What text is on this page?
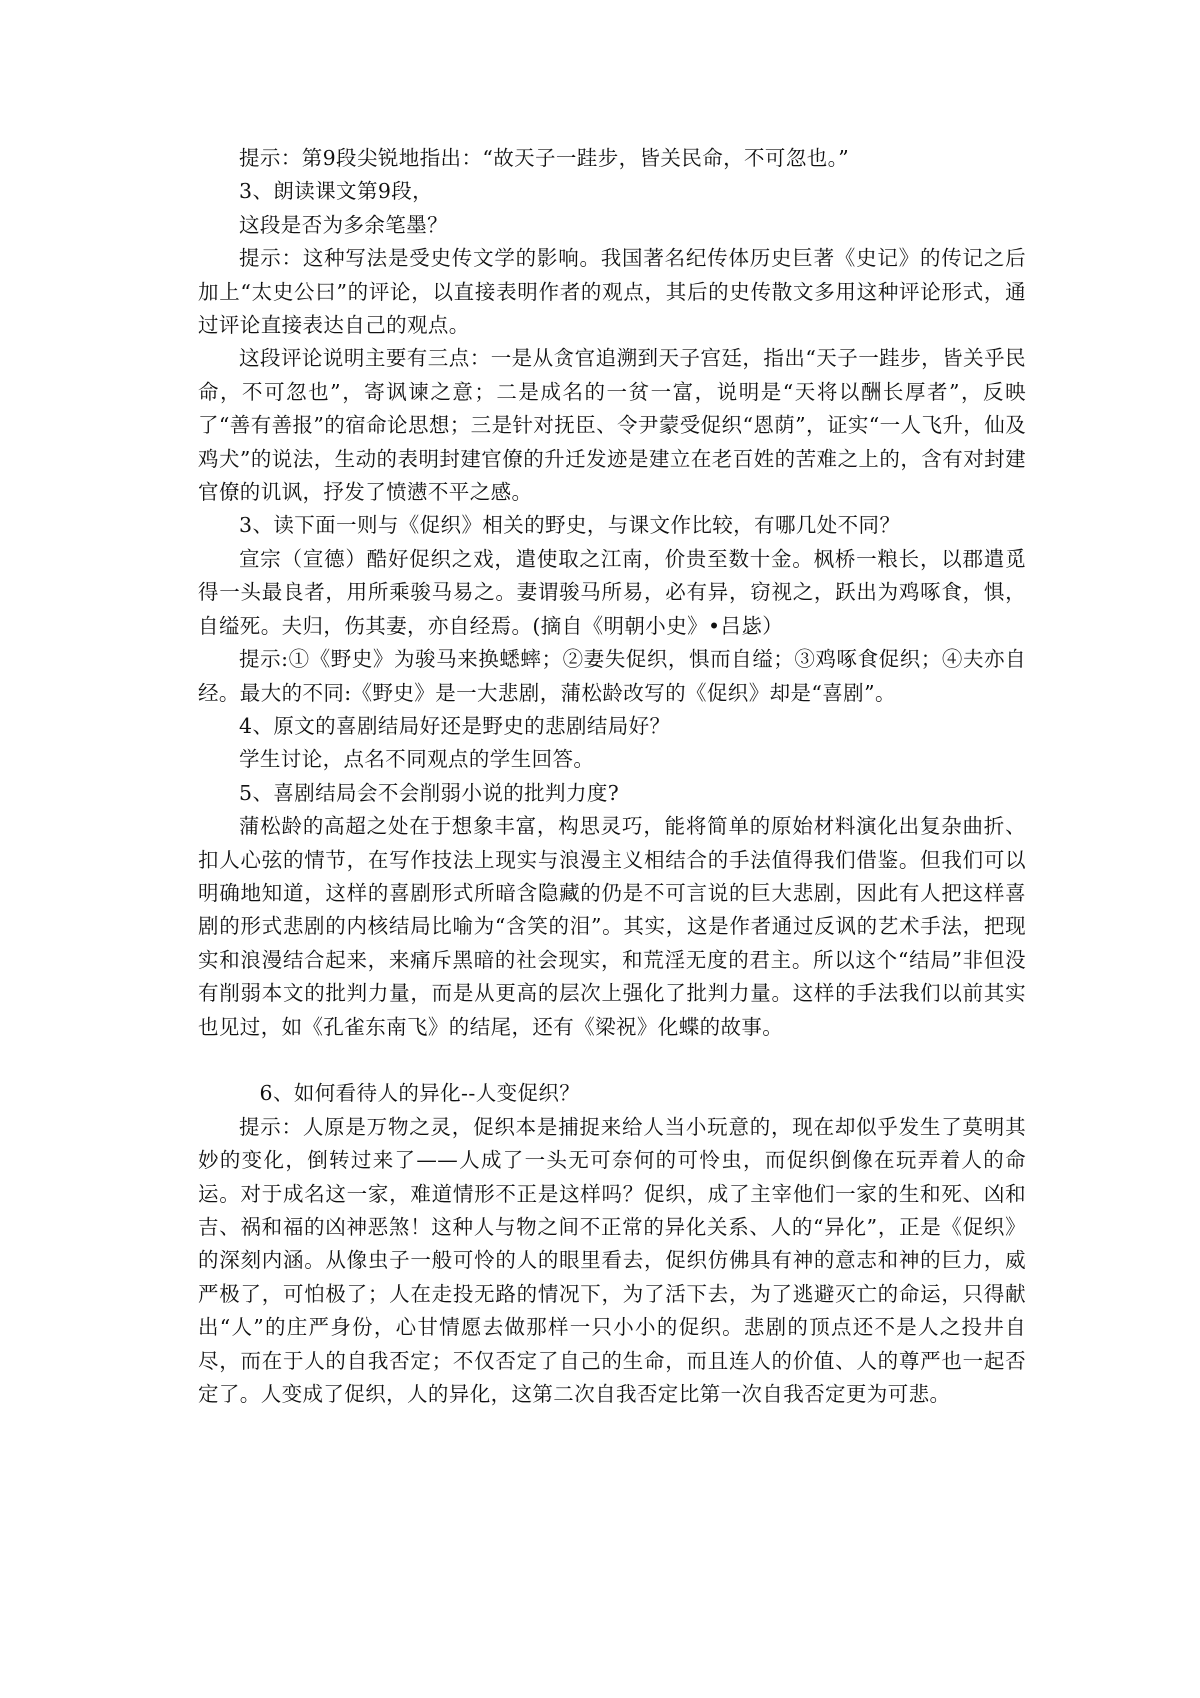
提示：第9段尖锐地指出：“故天子一跬步，皆关民命，不可忽也。”

3、朗读课文第9段，

这段是否为多余笔墨？

提示：这种写法是受史传文学的影响。我国著名纪传体历史巨著《史记》的传记之后加上“太史公曰”的评论，以直接表明作者的观点，其后的史传散文多用这种评论形式，通过评论直接表达自己的观点。

这段评论说明主要有三点：一是从贪官追溯到天子宫廷，指出“天子一跬步，皆关乎民命，不可忽也”，寄讽谏之意；二是成名的一贫一富，说明是“天将以酬长厚者”，反映了“善有善报”的宿命论思想；三是针对抚臣、令尹蒙受促织“恩荫”，证实“一人飞升，仙及鸡犬”的说法，生动的表明封建官僚的升迁发迹是建立在老百姓的苦难之上的，含有对封建官僚的讥讽，抒发了愤懑不平之感。

3、读下面一则与《促织》相关的野史，与课文作比较，有哪几处不同？

宣宗（宣德）酷好促织之戏，遣使取之江南，价贵至数十金。枫桥一粮长，以郡遣觅得一头最良者，用所乘骏马易之。妻谓骏马所易，必有异，窃视之，跃出为鸡啄食，惧，自缢死。夫归，伤其妻，亦自经焉。(摘自《明朝小史》•吕毖）

提示:①《野史》为骏马来换蟋蟀；②妻失促织，惧而自缢；③鸡啄食促织；④夫亦自经。最大的不同:《野史》是一大悲剧，蒲松龄改写的《促织》却是“喜剧”。

4、原文的喜剧结局好还是野史的悲剧结局好？

学生讨论，点名不同观点的学生回答。

5、喜剧结局会不会削弱小说的批判力度?

蒲松龄的高超之处在于想象丰富，构思灵巧，能将简单的原始材料演化出复杂曲折、扣人心弦的情节，在写作技法上现实与浪漫主义相结合的手法值得我们借鉴。但我们可以明确地知道，这样的喜剧形式所暗含隐藏的仍是不可言说的巨大悲剧，因此有人把这样喜剧的形式悲剧的内核结局比喻为“含笑的泪”。其实，这是作者通过反讽的艺术手法，把现实和浪漫结合起来，来痛斥黑暗的社会现实，和荒淫无度的君主。所以这个“结局”非但没有削弱本文的批判力量，而是从更高的层次上强化了批判力量。这样的手法我们以前其实也见过，如《孔雀东南飞》的结尾，还有《梁祝》化蝶的故事。

6、如何看待人的异化--人变促织？

提示：人原是万物之灵，促织本是捕捉来给人当小玩意的，现在却似乎发生了莫明其妙的变化，倒转过来了——人成了一头无可奈何的可怜虫，而促织倒像在玩弄着人的命运。对于成名这一家，难道情形不正是这样吗？促织，成了主宰他们一家的生和死、凶和吉、祸和福的凶神恶煞！这种人与物之间不正常的异化关系、人的“异化”，正是《促织》的深刻内涵。从像虫子一般可怜的人的眼里看去，促织仿佛具有神的意志和神的巨力，威严极了，可怕极了；人在走投无路的情况下，为了活下去，为了逃避灭亡的命运，只得献出“人”的庄严身份，心甘情愿去做那样一只小小的促织。悲剧的顶点还不是人之投井自尽，而在于人的自我否定；不仅否定了自己的生命，而且连人的价值、人的尊严也一起否定了。人变成了促织，人的异化，这第二次自我否定比第一次自我否定更为可悲。
